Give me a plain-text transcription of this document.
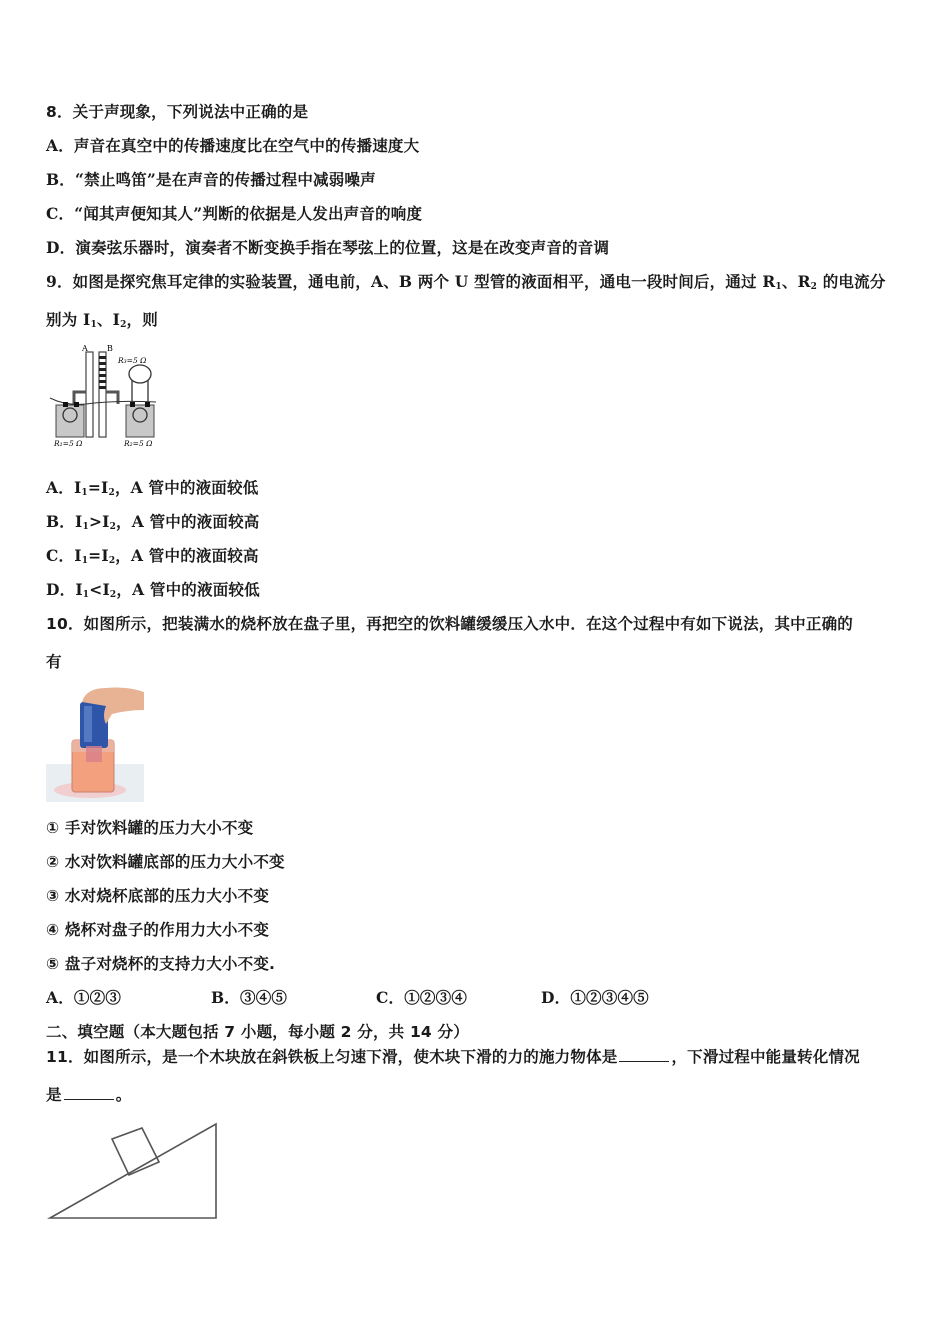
8．关于声现象，下列说法中正确的是
A．声音在真空中的传播速度比在空气中的传播速度大
B．“禁止鸣笛”是在声音的传播过程中减弱噪声
C．“闻其声便知其人”判断的依据是人发出声音的响度
D．演奏弦乐器时，演奏者不断变换手指在琴弦上的位置，这是在改变声音的音调
9．如图是探究焦耳定律的实验装置，通电前，A、B 两个 U 型管的液面相平，通电一段时间后，通过 $R_1$、$R_2$ 的电流分
别为 $I_1$、$I_2$，则
A B
R₃=5 Ω
R₁=5 Ω	R₂=5 Ω
A．$I_1=I_2$，A 管中的液面较低
B．$I_1>I_2$，A 管中的液面较高
C．$I_1=I_2$，A 管中的液面较高
D．$I_1<I_2$，A 管中的液面较低
10．如图所示，把装满水的烧杯放在盘子里，再把空的饮料罐缓缓压入水中．在这个过程中有如下说法，其中正确的
有
① 手对饮料罐的压力大小不变
② 水对饮料罐底部的压力大小不变
③ 水对烧杯底部的压力大小不变
④ 烧杯对盘子的作用力大小不变
⑤ 盘子对烧杯的支持力大小不变.
A．①②③	B．③④⑤	C．①②③④	D．①②③④⑤
二、填空题（本大题包括 7 小题，每小题 2 分，共 14 分）
11．如图所示，是一个木块放在斜铁板上匀速下滑，使木块下滑的力的施力物体是	，下滑过程中能量转化情况
是	。
